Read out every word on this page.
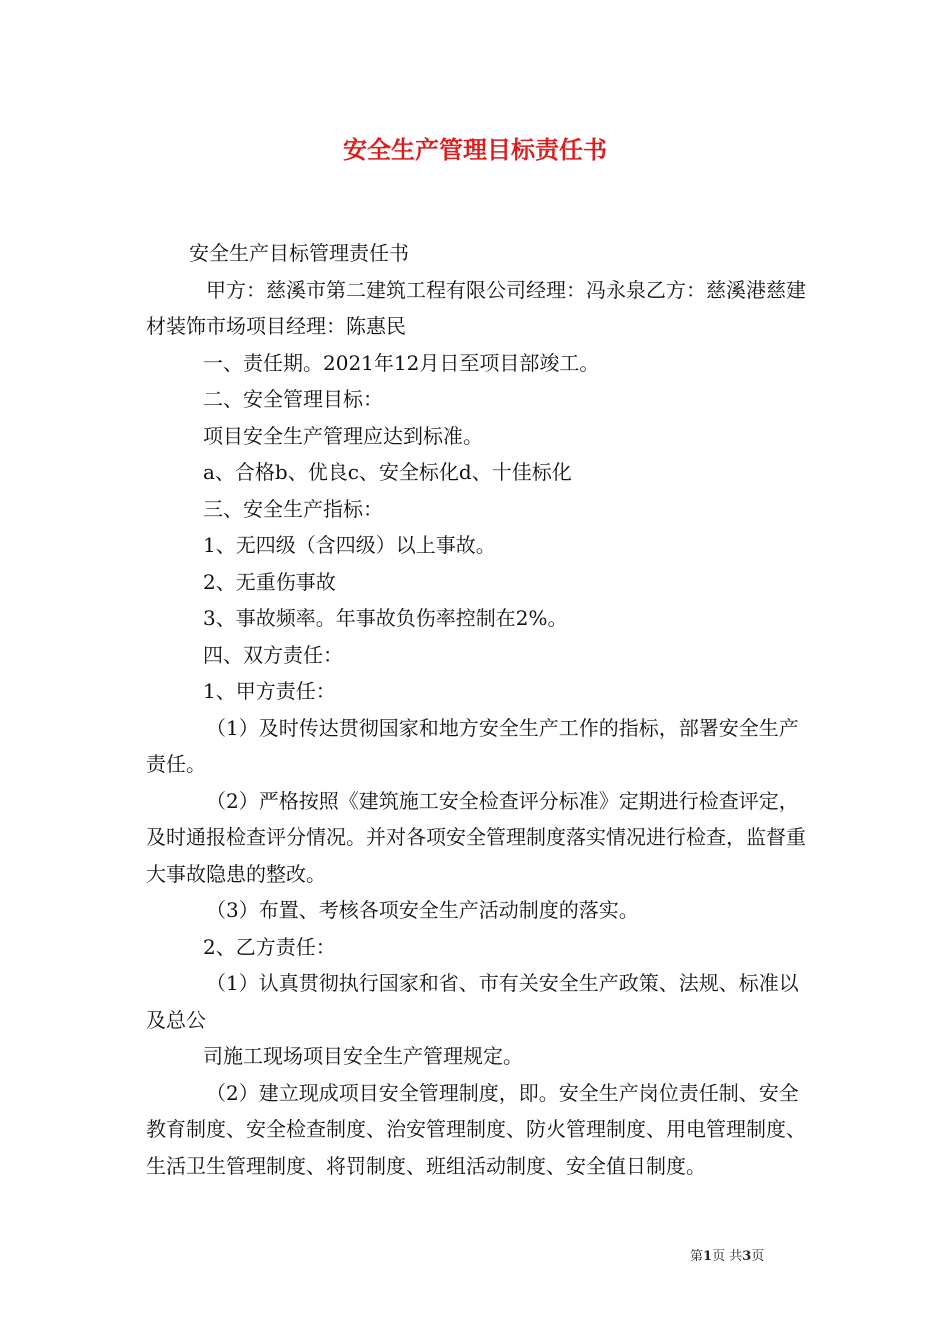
安全生产管理目标责任书

安全生产目标管理责任书

甲方：慈溪市第二建筑工程有限公司经理：冯永泉乙方：慈溪港慈建材装饰市场项目经理：陈惠民

一、责任期。2021年12月日至项目部竣工。

二、安全管理目标：

项目安全生产管理应达到标准。

a、合格b、优良c、安全标化d、十佳标化

三、安全生产指标：

1、无四级（含四级）以上事故。

2、无重伤事故

3、事故频率。年事故负伤率控制在2%。

四、双方责任：

1、甲方责任：

（1）及时传达贯彻国家和地方安全生产工作的指标，部署安全生产责任。

（2）严格按照《建筑施工安全检查评分标准》定期进行检查评定，及时通报检查评分情况。并对各项安全管理制度落实情况进行检查，监督重大事故隐患的整改。

（3）布置、考核各项安全生产活动制度的落实。

2、乙方责任：

（1）认真贯彻执行国家和省、市有关安全生产政策、法规、标准以及总公

司施工现场项目安全生产管理规定。

（2）建立现成项目安全管理制度，即。安全生产岗位责任制、安全教育制度、安全检查制度、治安管理制度、防火管理制度、用电管理制度、生活卫生管理制度、将罚制度、班组活动制度、安全值日制度。

第1页 共3页
